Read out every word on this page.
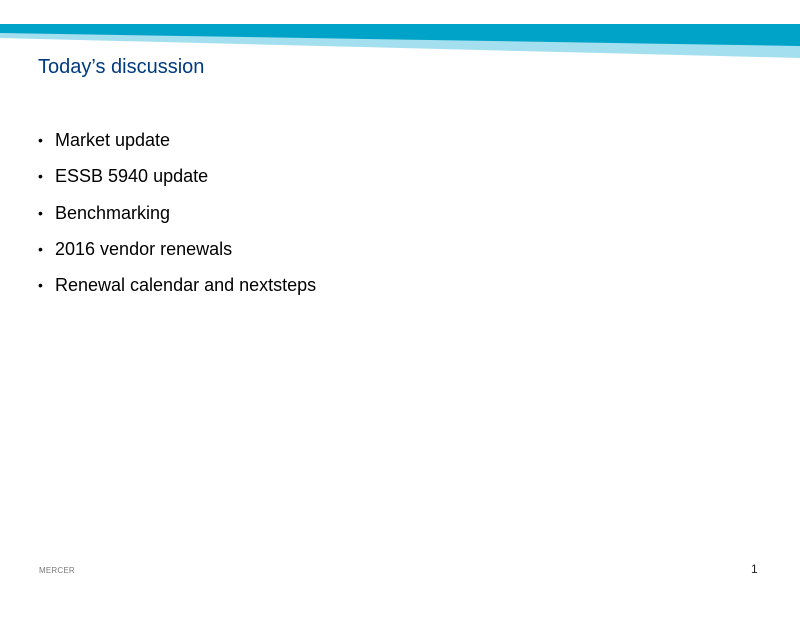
Today’s discussion
• Market update
• ESSB 5940 update
• Benchmarking
• 2016 vendor renewals
• Renewal calendar and nextsteps
MERCER	1
